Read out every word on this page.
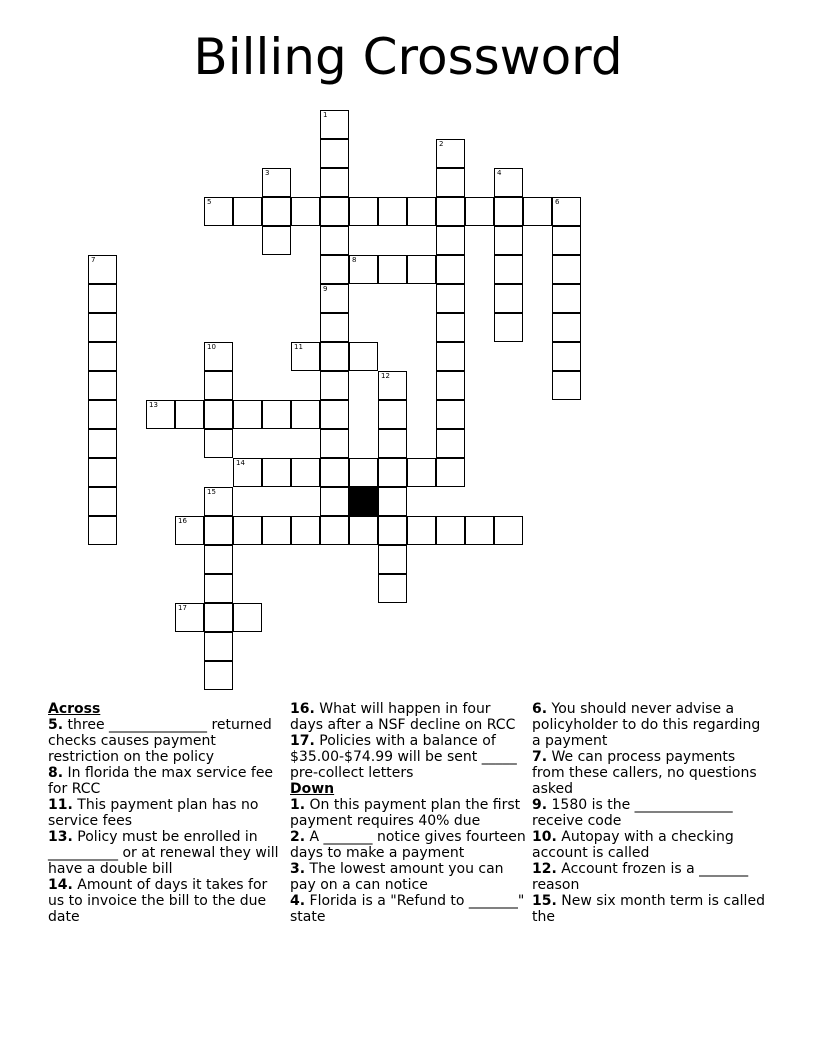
Billing Crossword
1
2
3	4
5	6
7	8
9
10	11
12
13
14
15
16
17
Across
5. three ______________ returned checks causes payment restriction on the policy
8. In florida the max service fee for RCC
11. This payment plan has no service fees
13. Policy must be enrolled in __________ or at renewal they will have a double bill
14. Amount of days it takes for us to invoice the bill to the due date
16. What will happen in four days after a NSF decline on RCC
17. Policies with a balance of $35.00-$74.99 will be sent _____ pre-collect letters
Down
1. On this payment plan the first payment requires 40% due
2. A _______ notice gives fourteen days to make a payment
3. The lowest amount you can pay on a can notice
4. Florida is a "Refund to _______" state
6. You should never advise a policyholder to do this regarding a payment
7. We can process payments from these callers, no questions asked
9. 1580 is the ______________ receive code
10. Autopay with a checking account is called
12. Account frozen is a _______ reason
15. New six month term is called the
